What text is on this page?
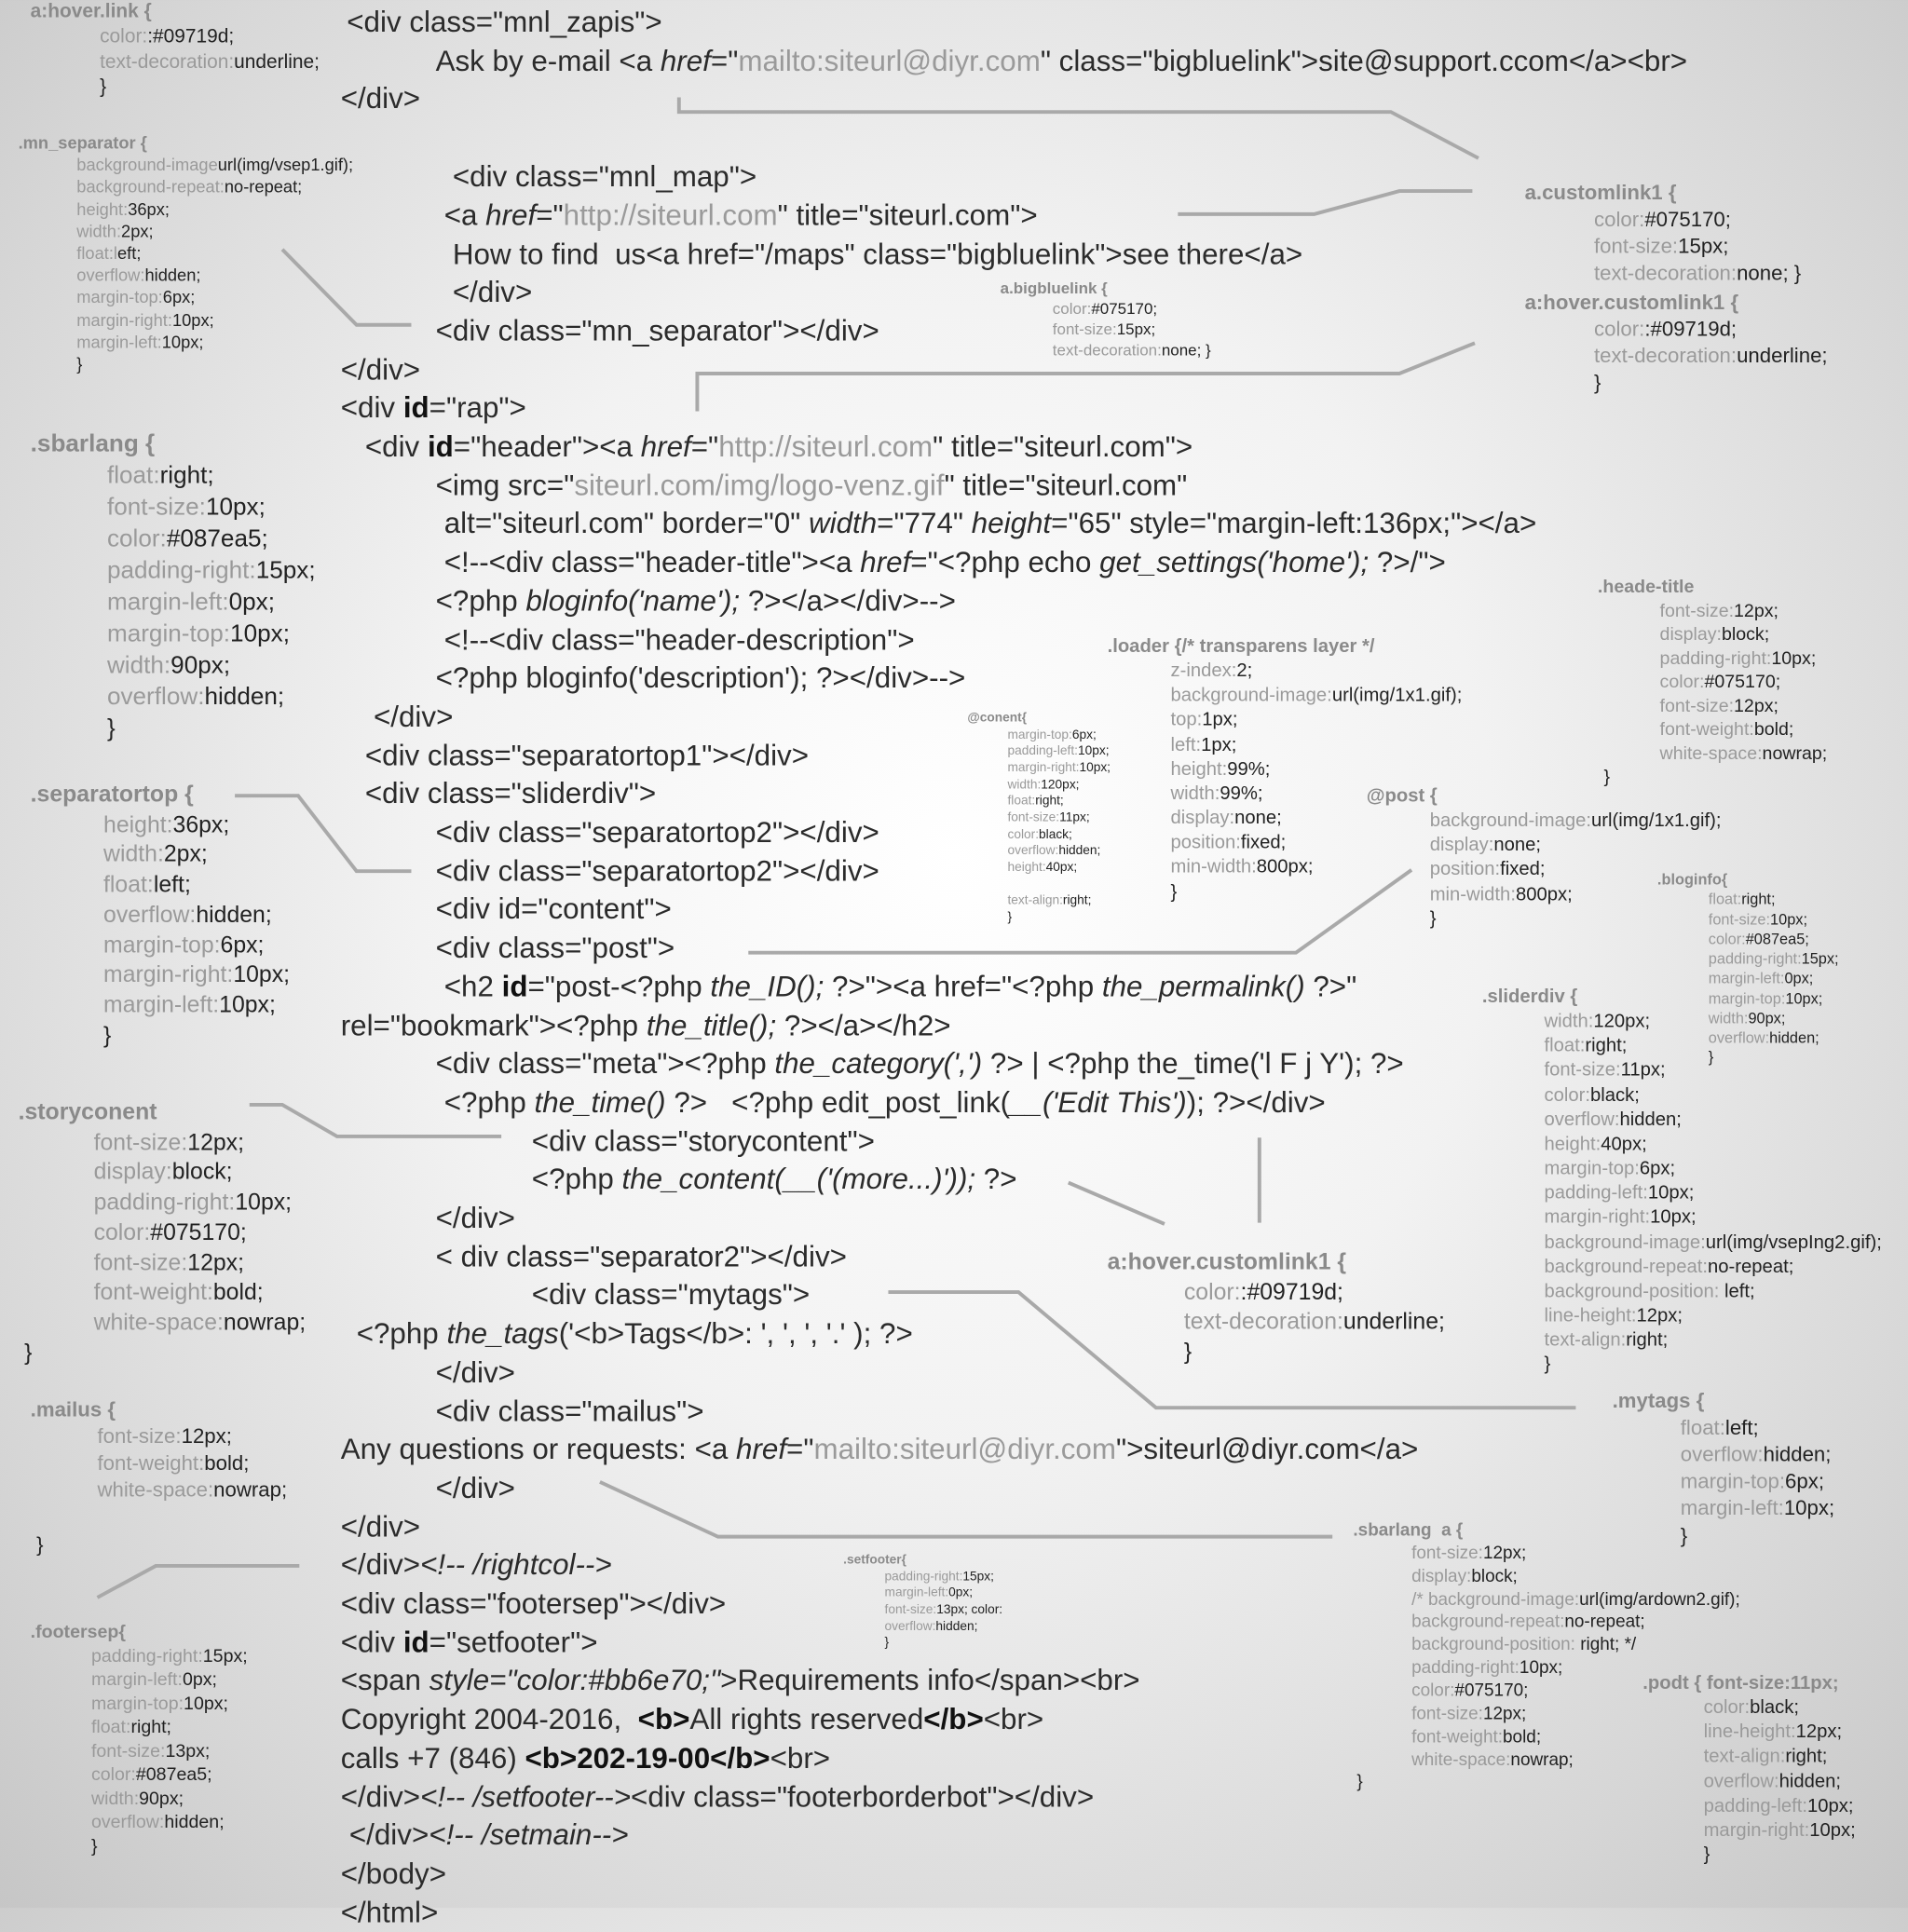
<div class="mnl_zapis">
Ask by e-mail <a href="mailto:siteurl@diyr.com" class="bigbluelink">site@support.ccom</a><br>
</div>
<div class="mnl_map">
<a href="http://siteurl.com" title="siteurl.com">
How to find  us<a href="/maps" class="bigbluelink">see there</a>
</div>
<div class="mn_separator"></div>
</div>
<div id="rap">
<div id="header"><a href="http://siteurl.com" title="siteurl.com">
<img src="siteurl.com/img/logo-venz.gif" title="siteurl.com"
alt="siteurl.com" border="0" width="774" height="65" style="margin-left:136px;"></a>
<!--<div class="header-title"><a href="<?php echo get_settings('home'); ?>/">
<?php bloginfo('name'); ?></a></div>-->
<!--<div class="header-description">
<?php bloginfo('description'); ?></div>-->
</div>
<div class="separatortop1"></div>
<div class="sliderdiv">
<div class="separatortop2"></div>
<div class="separatortop2"></div>
<div id="content">
<div class="post">
<h2 id="post-<?php the_ID(); ?>"><a href="<?php the_permalink() ?>"
rel="bookmark"><?php the_title(); ?></a></h2>
<div class="meta"><?php the_category(',') ?> | <?php the_time('l F j Y'); ?>
<?php the_time() ?>   <?php edit_post_link(__('Edit This')); ?></div>
<div class="storycontent">
<?php the_content(__('(more...)')); ?>
</div>
< div class="separator2"></div>
<div class="mytags">
<?php the_tags('<b>Tags</b>: ', ', ', '.' ); ?>
</div>
<div class="mailus">
Any questions or requests: <a href="mailto:siteurl@diyr.com">siteurl@diyr.com</a>
</div>
</div>
</div><!-- /rightcol-->
<div class="footersep"></div>
<div id="setfooter">
<span style="color:#bb6e70;">Requirements info</span><br>
Copyright 2004-2016,  <b>All rights reserved</b><br>
calls +7 (846) <b>202-19-00</b><br>
</div><!-- /setfooter--><div class="footerborderbot"></div>
</div><!-- /setmain-->
</body>
</html>
a:hover.link {
color::#09719d;
text-decoration:underline;
}
.mn_separator {
background-imageurl(img/vsep1.gif);
background-repeat:no-repeat;
height:36px;
width:2px;
float:left;
overflow:hidden;
margin-top:6px;
margin-right:10px;
margin-left:10px;
}
.sbarlang {
float:right;
font-size:10px;
color:#087ea5;
padding-right:15px;
margin-left:0px;
margin-top:10px;
width:90px;
overflow:hidden;
}
.separatortop {
height:36px;
width:2px;
float:left;
overflow:hidden;
margin-top:6px;
margin-right:10px;
margin-left:10px;
}
.storyconent
font-size:12px;
display:block;
padding-right:10px;
color:#075170;
font-size:12px;
font-weight:bold;
white-space:nowrap;
}
.mailus {
font-size:12px;
font-weight:bold;
white-space:nowrap;
}
.footersep{
padding-right:15px;
margin-left:0px;
margin-top:10px;
float:right;
font-size:13px;
color:#087ea5;
width:90px;
overflow:hidden;
}
a.customlink1 {
color:#075170;
font-size:15px;
text-decoration:none; }
a:hover.customlink1 {
color::#09719d;
text-decoration:underline;
}
a.bigbluelink {
color:#075170;
font-size:15px;
text-decoration:none; }
.heade-title
font-size:12px;
display:block;
padding-right:10px;
color:#075170;
font-size:12px;
font-weight:bold;
white-space:nowrap;
}
.loader {/* transparens layer */
z-index:2;
background-image:url(img/1x1.gif);
top:1px;
left:1px;
height:99%;
width:99%;
display:none;
position:fixed;
min-width:800px;
}
@conent{
margin-top:6px;
padding-left:10px;
margin-right:10px;
width:120px;
float:right;
font-size:11px;
color:black;
overflow:hidden;
height:40px;
text-align:right;
}
@post {
background-image:url(img/1x1.gif);
display:none;
position:fixed;
min-width:800px;
}
.bloginfo{
float:right;
font-size:10px;
color:#087ea5;
padding-right:15px;
margin-left:0px;
margin-top:10px;
width:90px;
overflow:hidden;
}
.sliderdiv {
width:120px;
float:right;
font-size:11px;
color:black;
overflow:hidden;
height:40px;
margin-top:6px;
padding-left:10px;
margin-right:10px;
background-image:url(img/vsepIng2.gif);
background-repeat:no-repeat;
background-position: left;
line-height:12px;
text-align:right;
}
a:hover.customlink1 {
color::#09719d;
text-decoration:underline;
}
.mytags {
float:left;
overflow:hidden;
margin-top:6px;
margin-left:10px;
}
.sbarlang  a {
font-size:12px;
display:block;
/* background-image:url(img/ardown2.gif);
background-repeat:no-repeat;
background-position: right; */
padding-right:10px;
color:#075170;
font-size:12px;
font-weight:bold;
white-space:nowrap;
}
.podt { font-size:11px;
color:black;
line-height:12px;
text-align:right;
overflow:hidden;
padding-left:10px;
margin-right:10px;
}
.setfooter{
padding-right:15px;
margin-left:0px;
font-size:13px; color:
overflow:hidden;
}
